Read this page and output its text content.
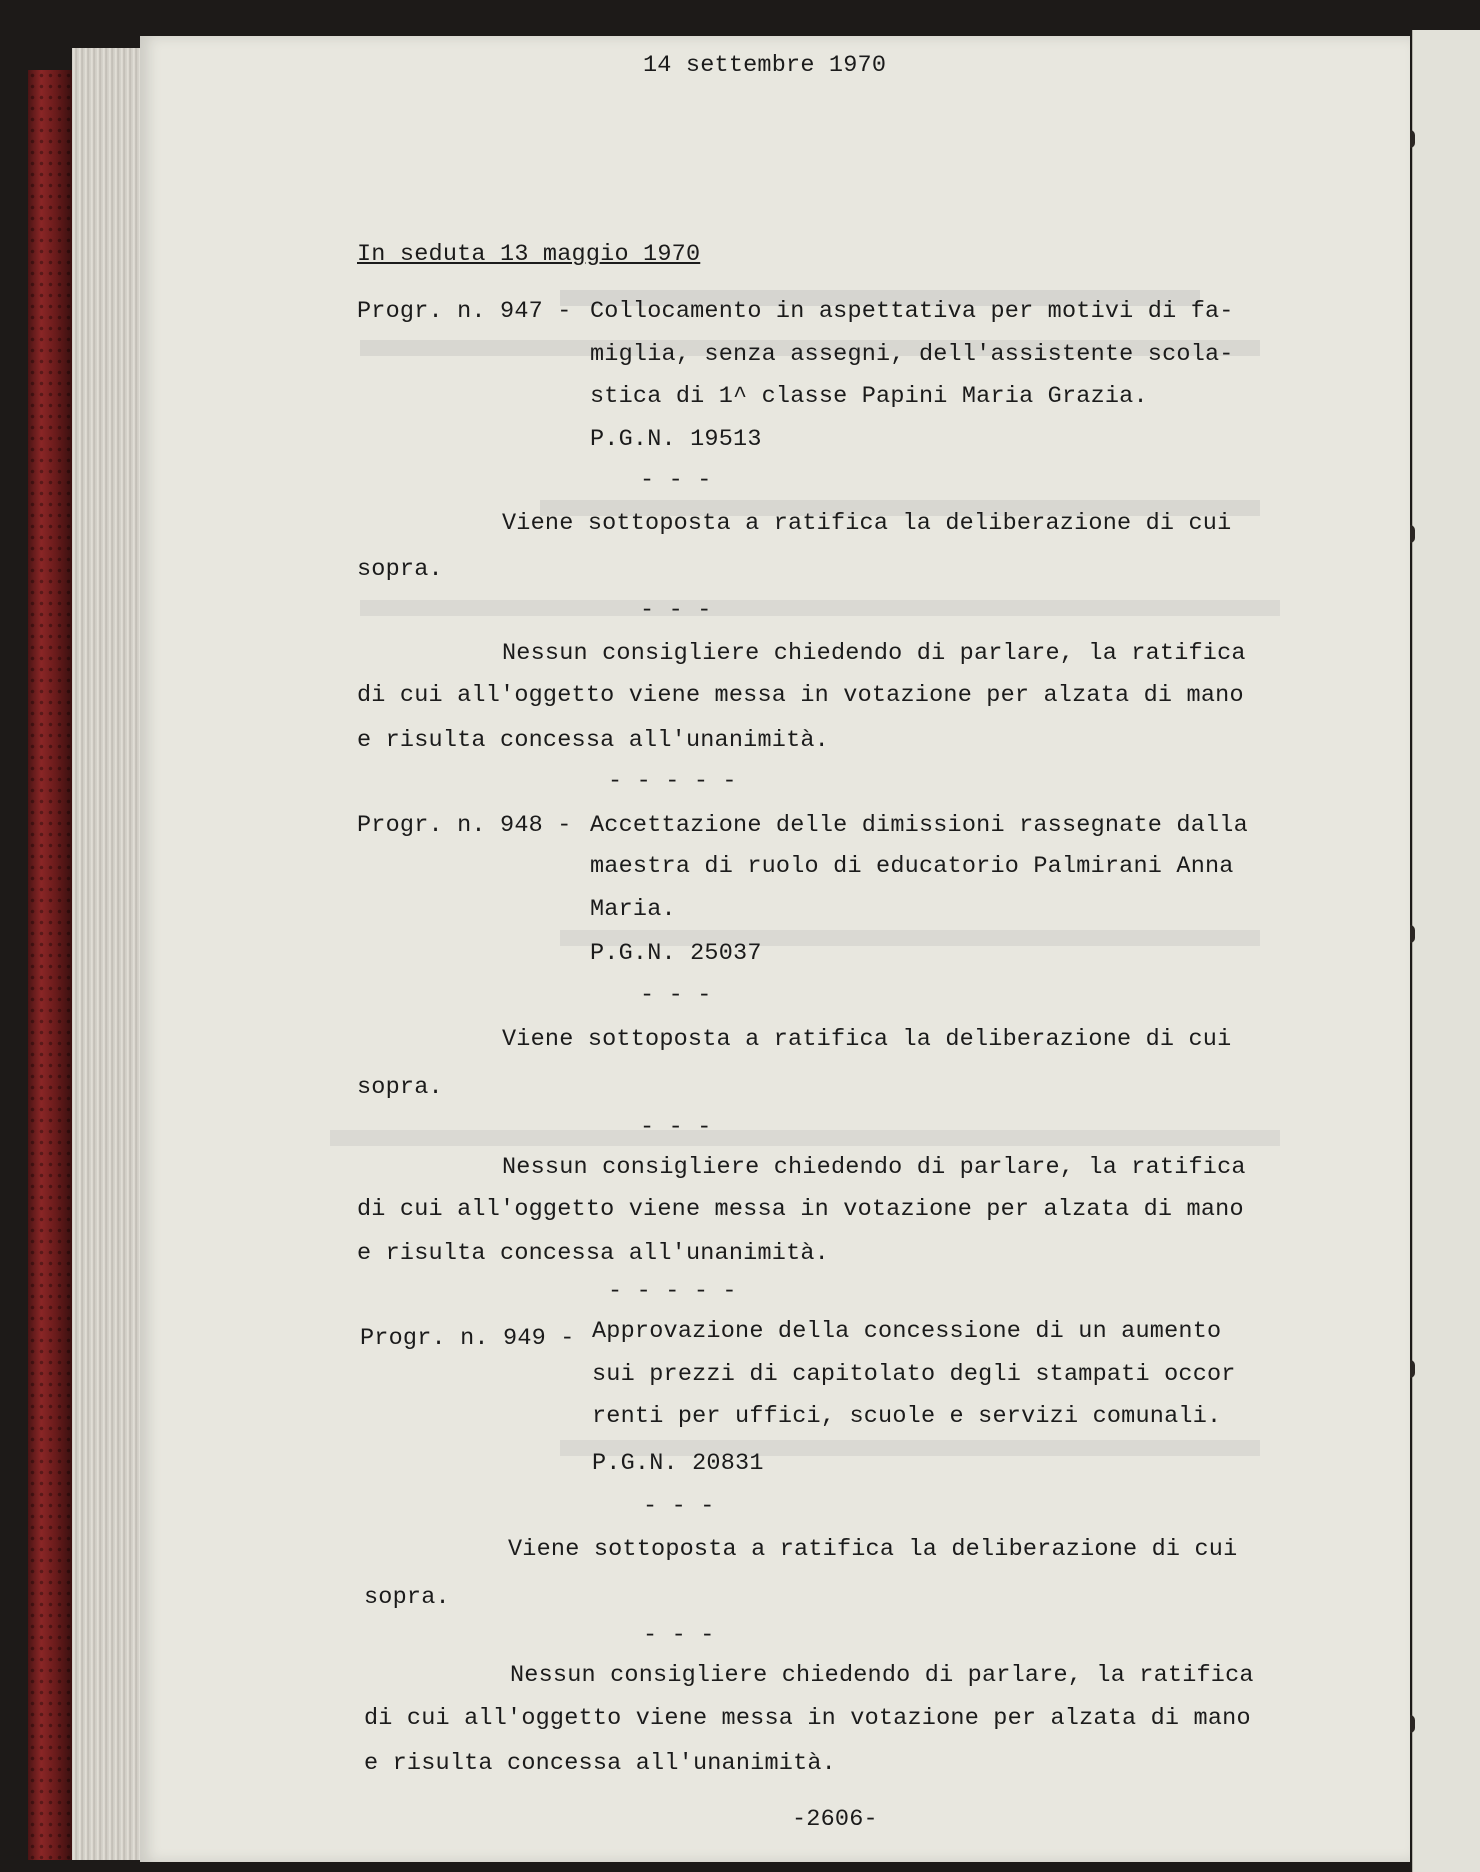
14 settembre 1970
In seduta 13 maggio 1970
Progr. n. 947 - Collocamento in aspettativa per motivi di fa-
miglia, senza assegni, dell'assistente scola-
stica di 1^ classe Papini Maria Grazia.
P.G.N. 19513
- - -
Viene sottoposta a ratifica la deliberazione di cui
sopra.
- - -
Nessun consigliere chiedendo di parlare, la ratifica
di cui all'oggetto viene messa in votazione per alzata di mano
e risulta concessa all'unanimità.
- - - - -
Progr. n. 948 - Accettazione delle dimissioni rassegnate dalla
maestra di ruolo di educatorio Palmirani Anna
Maria.
P.G.N. 25037
- - -
Viene sottoposta a ratifica la deliberazione di cui
sopra.
- - -
Nessun consigliere chiedendo di parlare, la ratifica
di cui all'oggetto viene messa in votazione per alzata di mano
e risulta concessa all'unanimità.
- - - - -
Progr. n. 949 - Approvazione della concessione di un aumento
sui prezzi di capitolato degli stampati occor
renti per uffici, scuole e servizi comunali.
P.G.N. 20831
- - -
Viene sottoposta a ratifica la deliberazione di cui
sopra.
- - -
Nessun consigliere chiedendo di parlare, la ratifica
di cui all'oggetto viene messa in votazione per alzata di mano
e risulta concessa all'unanimità.
-2606-
